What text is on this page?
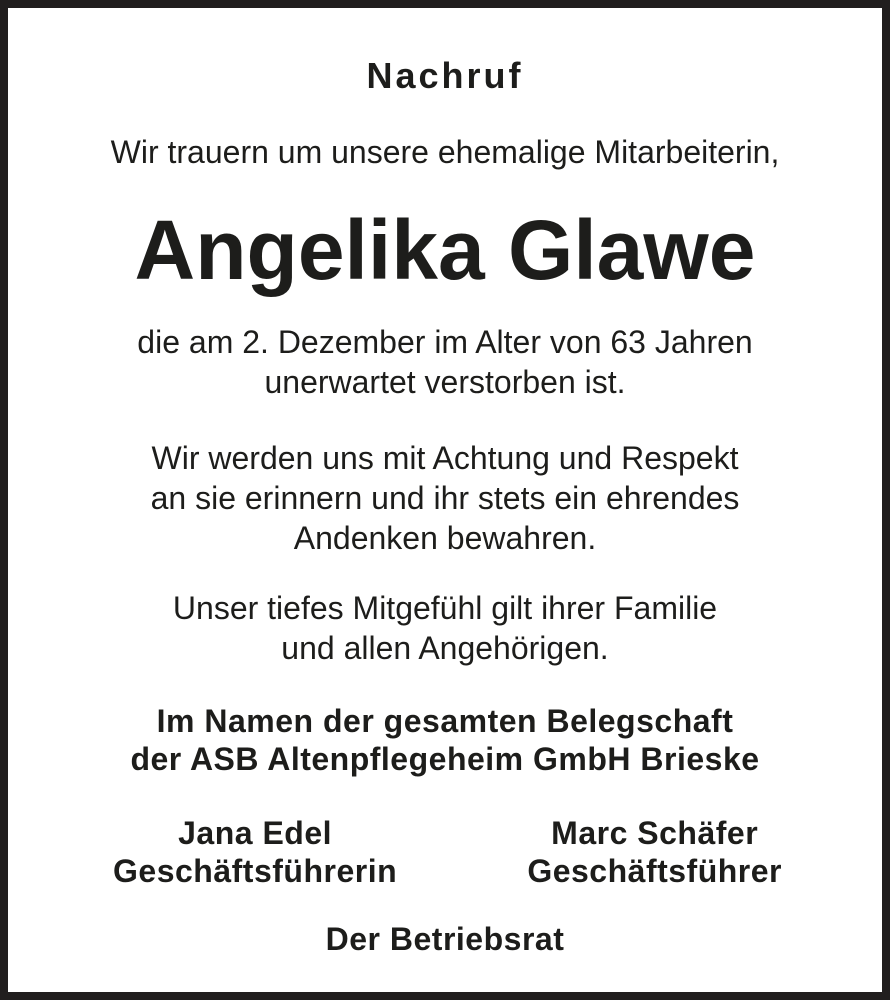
Nachruf

Wir trauern um unsere ehemalige Mitarbeiterin,

Angelika Glawe

die am 2. Dezember im Alter von 63 Jahren
unerwartet verstorben ist.

Wir werden uns mit Achtung und Respekt
an sie erinnern und ihr stets ein ehrendes
Andenken bewahren.

Unser tiefes Mitgefühl gilt ihrer Familie
und allen Angehörigen.

Im Namen der gesamten Belegschaft
der ASB Altenpflegeheim GmbH Brieske

Jana Edel
Geschäftsführerin
Marc Schäfer
Geschäftsführer

Der Betriebsrat
